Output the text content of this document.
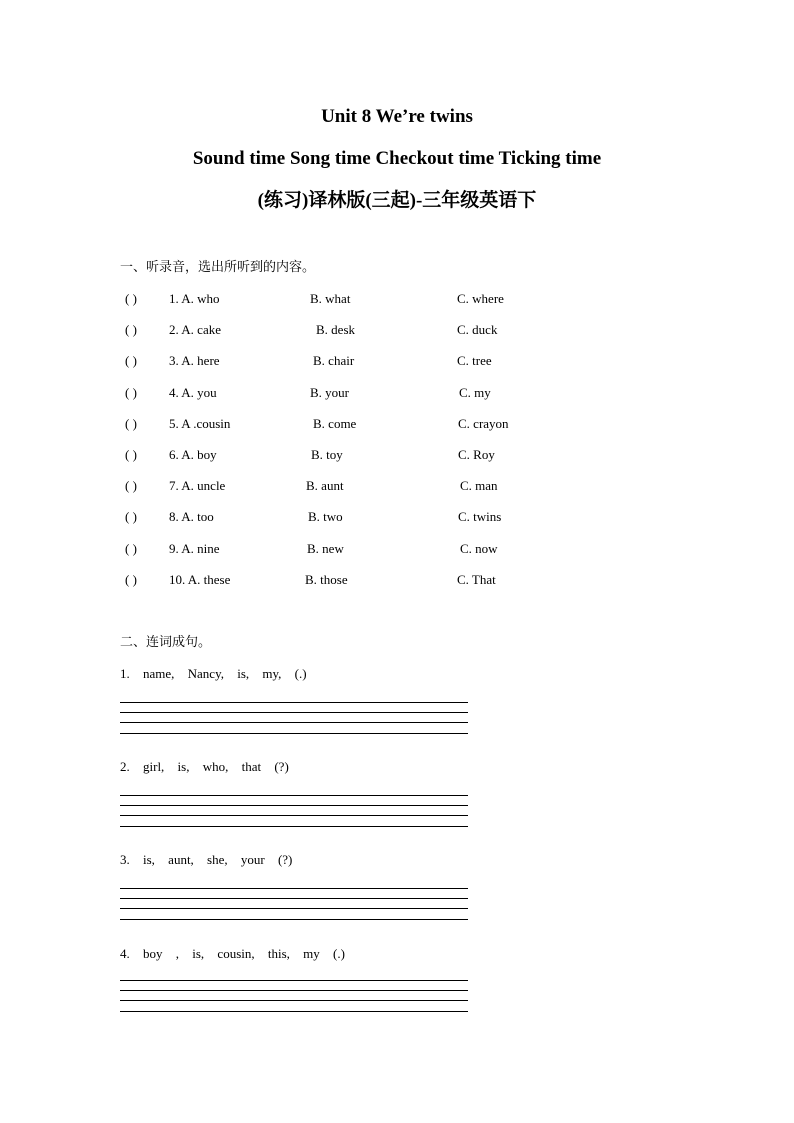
Unit 8 We’re twins
Sound time Song time Checkout time Ticking time
(练习)译林版(三起)-三年级英语下
一、听录音，选出所听到的内容。
( ) 1. A. who	B. what	C. where
( ) 2. A. cake	B. desk	C. duck
( ) 3. A. here	B. chair	C. tree
( ) 4. A. you	B. your	C. my
( ) 5. A .cousin	B. come	C. crayon
( ) 6. A. boy	B. toy	C. Roy
( ) 7. A. uncle	B. aunt	C. man
( ) 8. A. too	B. two	C. twins
( ) 9. A. nine	B. new	C. now
( ) 10. A. these	B. those	C. That
二、连词成句。
1. name, Nancy, is, my, (.)
2. girl, is, who, that (?)
3. is, aunt, she, your (?)
4. boy , is, cousin, this, my (.)
